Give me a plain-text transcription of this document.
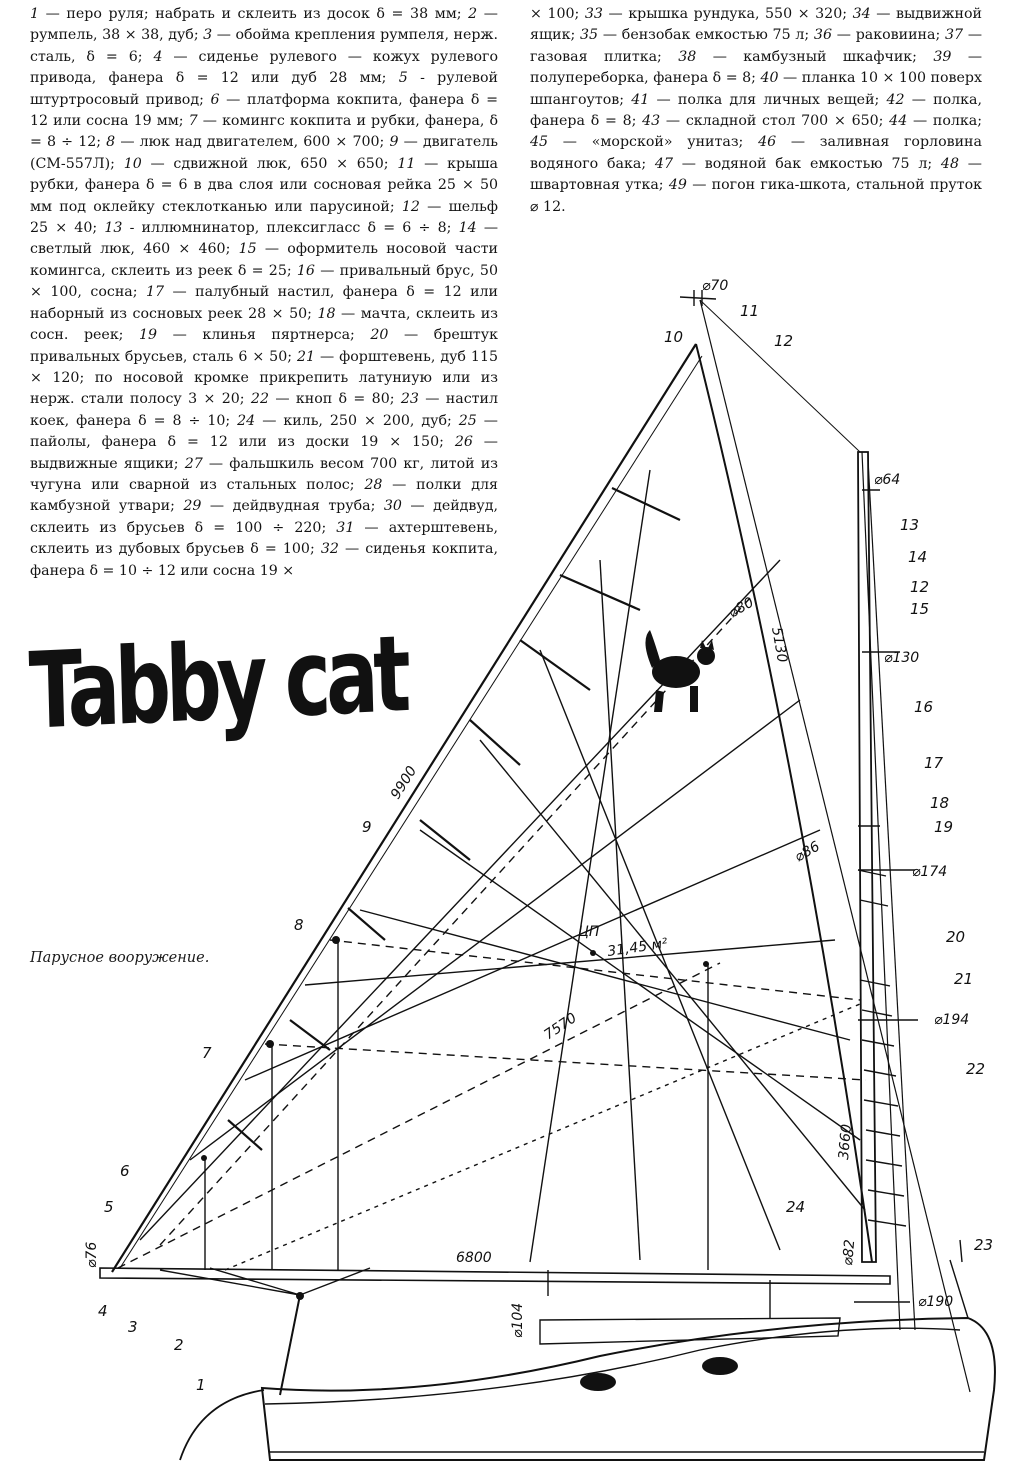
1 — перо руля; набрать и склеить из досок δ = 38 мм; 2 — румпель, 38 × 38, дуб; 3 — обойма крепления румпеля, нерж. сталь, δ = 6; 4 — сиденье рулевого — кожух рулевого привода, фанера δ = 12 или дуб 28 мм; 5 - рулевой штуртросовый привод; 6 — платформа кокпита, фанера δ = 12 или сосна 19 мм; 7 — комингс кокпита и рубки, фанера, δ = 8 ÷ 12; 8 — люк над двигателем, 600 × 700; 9 — двигатель (СМ-557Л); 10 — сдвижной люк, 650 × 650; 11 — крыша рубки, фанера δ = 6 в два слоя или сосновая рейка 25 × 50 мм под оклейку стеклотканью или парусиной; 12 — шельф 25 × 40; 13 - иллюмнинатор, плексигласс δ = 6 ÷ 8; 14 — светлый люк, 460 × 460; 15 — оформитель носовой части комингса, склеить из реек δ = 25; 16 — привальный брус, 50 × 100, сосна; 17 — палубный настил, фанера δ = 12 или наборный из сосновых реек 28 × 50; 18 — мачта, склеить из сосн. реек; 19 — клинья пяртнерса; 20 — брештук привальных брусьев, сталь 6 × 50; 21 — форштевень, дуб 115 × 120; по носовой кромке прикрепить латуниую или из нерж. стали полосу 3 × 20; 22 — кноп δ = 80; 23 — настил коек, фанера δ = 8 ÷ 10; 24 — киль, 250 × 200, дуб; 25 — пайолы, фанера δ = 12 или из доски 19 × 150; 26 — выдвижные ящики; 27 — фальшкиль весом 700 кг, литой из чугуна или сварной из стальных полос; 28 — полки для камбузной утвари; 29 — дейдвудная труба; 30 — дейдвуд, склеить из брусьев δ = 100 ÷ 220; 31 — ахтерштевень, склеить из дубовых брусьев δ = 100; 32 — сиденья кокпита, фанера δ = 10 ÷ 12 или сосна 19 ×

× 100; 33 — крышка рундука, 550 × 320; 34 — выдвижной ящик; 35 — бензобак емкостью 75 л; 36 — раковиина; 37 — газовая плитка; 38 — камбузный шкафчик; 39 — полупереборка, фанера δ = 8; 40 — планка 10 × 100 поверх шпангоутов; 41 — полка для личных вещей; 42 — полка, фанера δ = 8; 43 — складной стол 700 × 650; 44 — полка; 45 — «морской» унитаз; 46 — заливная горловина водяного бака; 47 — водяной бак емкостью 75 л; 48 — швартовная утка; 49 — погон гика-шкота, стальной пруток ⌀ 12.

Tabby cat
Парусное вооружение.
9900
7570
6800
5130
3660
ЦП
31,45 м²
⌀70
⌀64
⌀80
⌀130
⌀86
⌀174
⌀194
⌀76
⌀104
⌀82
⌀190
1
2
3
4
5
6
7
8
9
10
11
12
12
13
14
15
16
17
18
19
20
21
22
23
24
